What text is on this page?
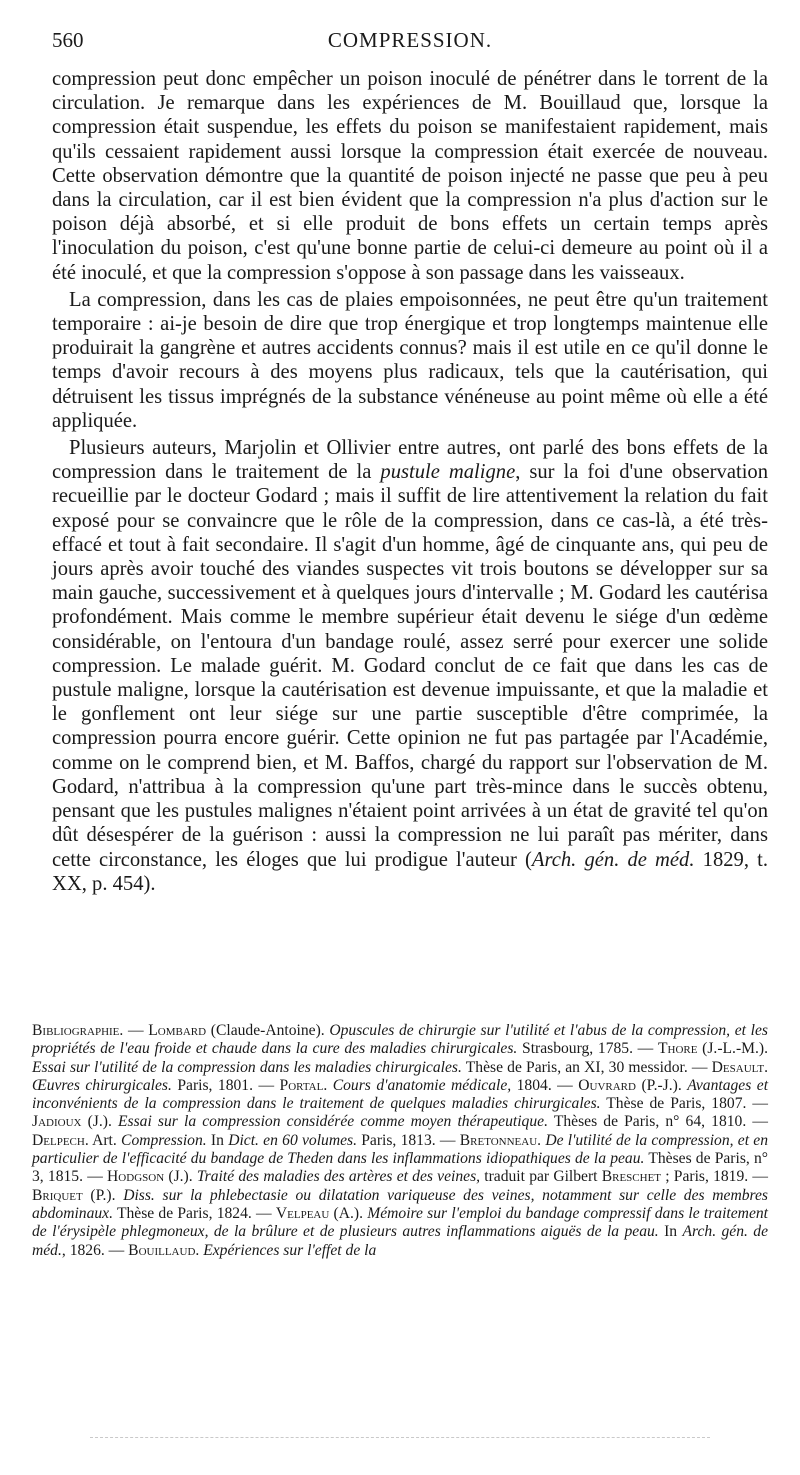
560	COMPRESSION.

compression peut donc empêcher un poison inoculé de pénétrer dans le torrent de la circulation. Je remarque dans les expériences de M. Bouillaud que, lorsque la compression était suspendue, les effets du poison se manifestaient rapidement, mais qu'ils cessaient rapidement aussi lorsque la compression était exercée de nouveau. Cette observation démontre que la quantité de poison injecté ne passe que peu à peu dans la circulation, car il est bien évident que la compression n'a plus d'action sur le poison déjà absorbé, et si elle produit de bons effets un certain temps après l'inoculation du poison, c'est qu'une bonne partie de celui-ci demeure au point où il a été inoculé, et que la compression s'oppose à son passage dans les vaisseaux.

La compression, dans les cas de plaies empoisonnées, ne peut être qu'un traitement temporaire : ai-je besoin de dire que trop énergique et trop longtemps maintenue elle produirait la gangrène et autres accidents connus? mais il est utile en ce qu'il donne le temps d'avoir recours à des moyens plus radicaux, tels que la cautérisation, qui détruisent les tissus imprégnés de la substance vénéneuse au point même où elle a été appliquée.

Plusieurs auteurs, Marjolin et Ollivier entre autres, ont parlé des bons effets de la compression dans le traitement de la pustule maligne, sur la foi d'une observation recueillie par le docteur Godard ; mais il suffit de lire attentivement la relation du fait exposé pour se convaincre que le rôle de la compression, dans ce cas-là, a été très-effacé et tout à fait secondaire. Il s'agit d'un homme, âgé de cinquante ans, qui peu de jours après avoir touché des viandes suspectes vit trois boutons se développer sur sa main gauche, successivement et à quelques jours d'intervalle ; M. Godard les cautérisa profondément. Mais comme le membre supérieur était devenu le siége d'un œdème considérable, on l'entoura d'un bandage roulé, assez serré pour exercer une solide compression. Le malade guérit. M. Godard conclut de ce fait que dans les cas de pustule maligne, lorsque la cautérisation est devenue impuissante, et que la maladie et le gonflement ont leur siége sur une partie susceptible d'être comprimée, la compression pourra encore guérir. Cette opinion ne fut pas partagée par l'Académie, comme on le comprend bien, et M. Baffos, chargé du rapport sur l'observation de M. Godard, n'attribua à la compression qu'une part très-mince dans le succès obtenu, pensant que les pustules malignes n'étaient point arrivées à un état de gravité tel qu'on dût désespérer de la guérison : aussi la compression ne lui paraît pas mériter, dans cette circonstance, les éloges que lui prodigue l'auteur (Arch. gén. de méd. 1829, t. XX, p. 454).

Bibliographie. — Lombard (Claude-Antoine). Opuscules de chirurgie sur l'utilité et l'abus de la compression, et les propriétés de l'eau froide et chaude dans la cure des maladies chirurgicales. Strasbourg, 1785. — Thore (J.-L.-M.). Essai sur l'utilité de la compression dans les maladies chirurgicales. Thèse de Paris, an XI, 30 messidor. — Desault. Œuvres chirurgicales. Paris, 1801. — Portal. Cours d'anatomie médicale, 1804. — Ouvrard (P.-J.). Avantages et inconvénients de la compression dans le traitement de quelques maladies chirurgicales. Thèse de Paris, 1807. — Jadioux (J.). Essai sur la compression considérée comme moyen thérapeutique. Thèses de Paris, n° 64, 1810. — Delpech. Art. Compression. In Dict. en 60 volumes. Paris, 1813. — Bretonneau. De l'utilité de la compression, et en particulier de l'efficacité du bandage de Theden dans les inflammations idiopathiques de la peau. Thèses de Paris, n° 3, 1815. — Hodgson (J.). Traité des maladies des artères et des veines, traduit par Gilbert Breschet ; Paris, 1819. — Briquet (P.). Diss. sur la phlebectasie ou dilatation variqueuse des veines, notamment sur celle des membres abdominaux. Thèse de Paris, 1824. — Velpeau (A.). Mémoire sur l'emploi du bandage compressif dans le traitement de l'érysipèle phlegmoneux, de la brûlure et de plusieurs autres inflammations aiguës de la peau. In Arch. gén. de méd., 1826. — Bouillaud. Expériences sur l'effet de la
